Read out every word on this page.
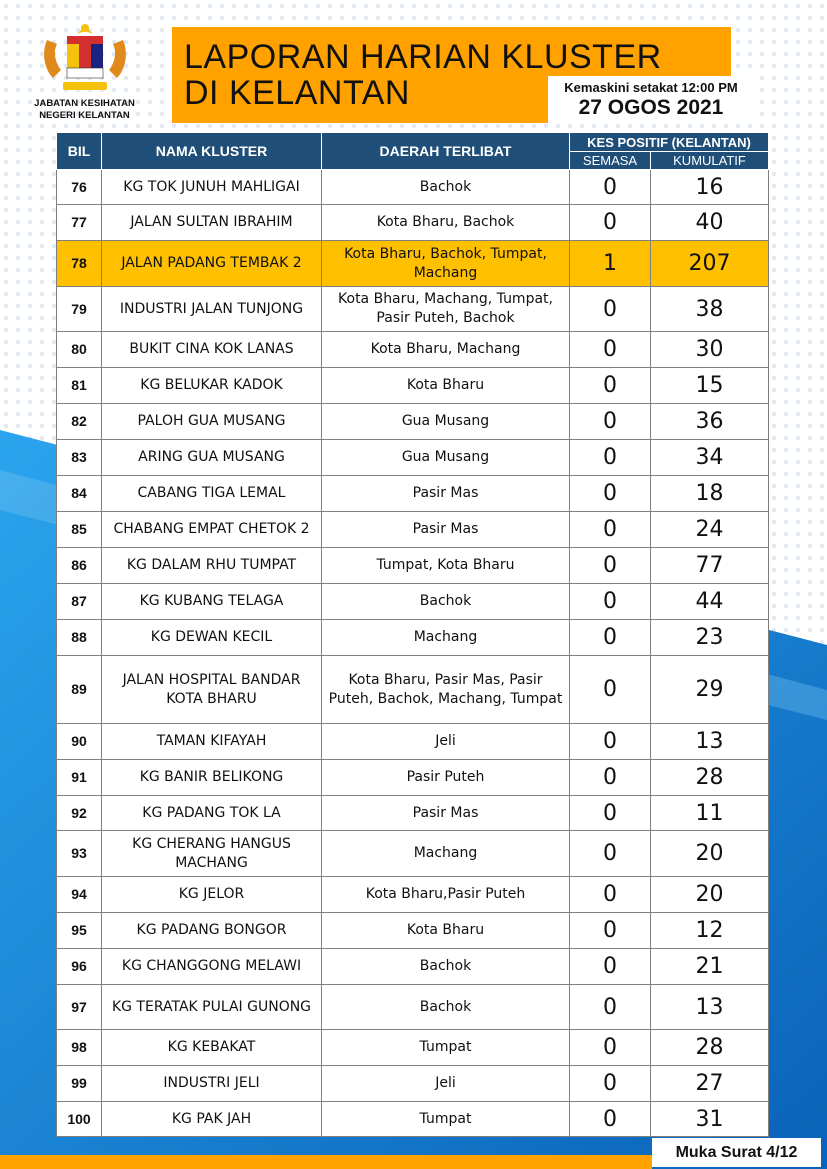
JABATAN KESIHATAN
NEGERI KELANTAN
LAPORAN HARIAN KLUSTER
DI KELANTAN	Kemaskini setakat 12:00 PM
27 OGOS 2021
BIL	NAMA KLUSTER	DAERAH TERLIBAT	KES POSITIF (KELANTAN)	
			SEMASA	KUMULATIF
76	KG TOK JUNUH MAHLIGAI	Bachok	0	16
77	JALAN SULTAN IBRAHIM	Kota Bharu, Bachok	0	40
78	JALAN PADANG TEMBAK 2	Kota Bharu, Bachok, Tumpat, Machang	1	207
79	INDUSTRI JALAN TUNJONG	Kota Bharu, Machang, Tumpat, Pasir Puteh, Bachok	0	38
80	BUKIT CINA KOK LANAS	Kota Bharu, Machang	0	30
81	KG BELUKAR KADOK	Kota Bharu	0	15
82	PALOH GUA MUSANG	Gua Musang	0	36
83	ARING GUA MUSANG	Gua Musang	0	34
84	CABANG TIGA LEMAL	Pasir Mas	0	18
85	CHABANG EMPAT CHETOK 2	Pasir Mas	0	24
86	KG DALAM RHU TUMPAT	Tumpat, Kota Bharu	0	77
87	KG KUBANG TELAGA	Bachok	0	44
88	KG DEWAN KECIL	Machang	0	23
89	JALAN HOSPITAL BANDAR KOTA BHARU	Kota Bharu, Pasir Mas, Pasir Puteh, Bachok, Machang, Tumpat	0	29
90	TAMAN KIFAYAH	Jeli	0	13
91	KG BANIR BELIKONG	Pasir Puteh	0	28
92	KG PADANG TOK LA	Pasir Mas	0	11
93	KG CHERANG HANGUS MACHANG	Machang	0	20
94	KG JELOR	Kota Bharu,Pasir Puteh	0	20
95	KG PADANG BONGOR	Kota Bharu	0	12
96	KG CHANGGONG MELAWI	Bachok	0	21
97	KG TERATAK PULAI GUNONG	Bachok	0	13
98	KG KEBAKAT	Tumpat	0	28
99	INDUSTRI JELI	Jeli	0	27
100	KG PAK JAH	Tumpat	0	31
Muka Surat 4/12
